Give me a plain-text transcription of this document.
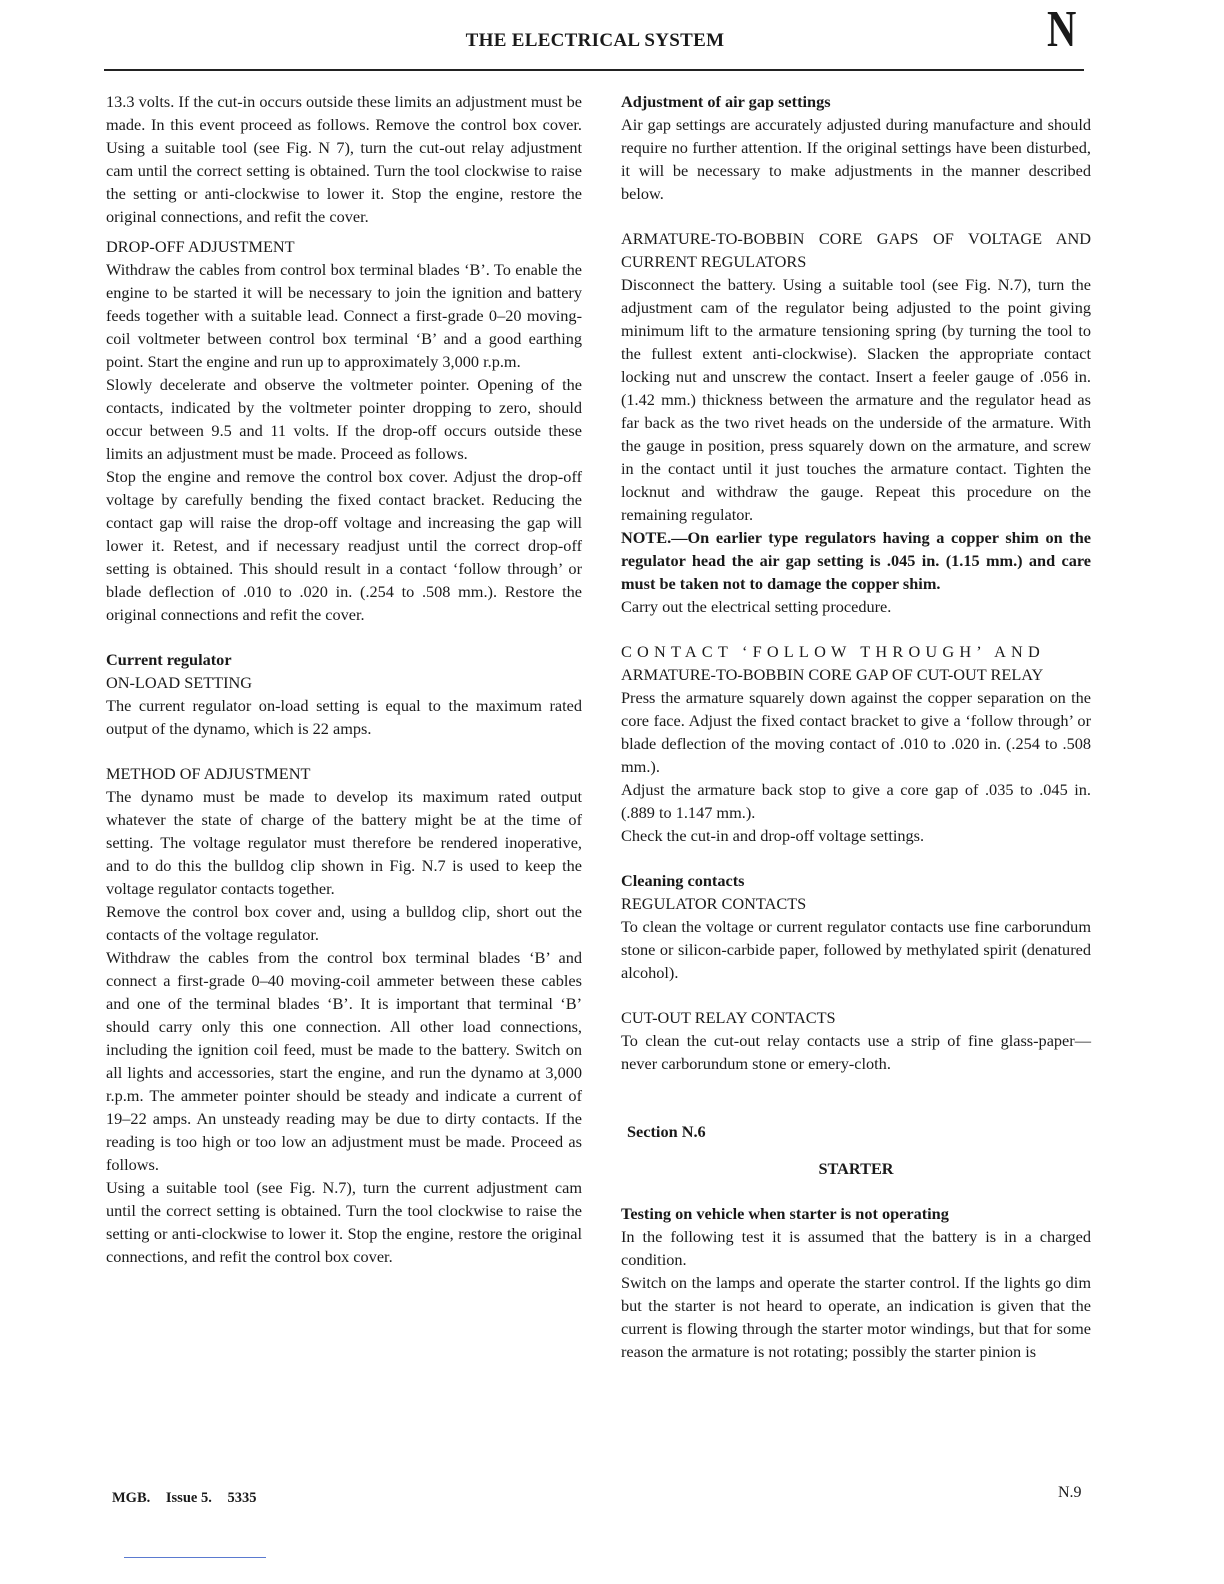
THE ELECTRICAL SYSTEM	N

13.3 volts. If the cut-in occurs outside these limits an adjustment must be made. In this event proceed as follows. Remove the control box cover. Using a suitable tool (see Fig. N 7), turn the cut-out relay adjustment cam until the correct setting is obtained. Turn the tool clockwise to raise the setting or anti-clockwise to lower it. Stop the engine, restore the original connections, and refit the cover.

DROP-OFF ADJUSTMENT

Withdraw the cables from control box terminal blades ‘B’. To enable the engine to be started it will be necessary to join the ignition and battery feeds together with a suitable lead. Connect a first-grade 0–20 moving-coil voltmeter between control box terminal ‘B’ and a good earthing point. Start the engine and run up to approximately 3,000 r.p.m.

Slowly decelerate and observe the voltmeter pointer. Opening of the contacts, indicated by the voltmeter pointer dropping to zero, should occur between 9.5 and 11 volts. If the drop-off occurs outside these limits an adjustment must be made. Proceed as follows.

Stop the engine and remove the control box cover. Adjust the drop-off voltage by carefully bending the fixed contact bracket. Reducing the contact gap will raise the drop-off voltage and increasing the gap will lower it. Retest, and if necessary readjust until the correct drop-off setting is obtained. This should result in a contact ‘follow through’ or blade deflection of .010 to .020 in. (.254 to .508 mm.). Restore the original connections and refit the cover.

Current regulator

ON-LOAD SETTING

The current regulator on-load setting is equal to the maximum rated output of the dynamo, which is 22 amps.

METHOD OF ADJUSTMENT

The dynamo must be made to develop its maximum rated output whatever the state of charge of the battery might be at the time of setting. The voltage regulator must therefore be rendered inoperative, and to do this the bulldog clip shown in Fig. N.7 is used to keep the voltage regulator contacts together.

Remove the control box cover and, using a bulldog clip, short out the contacts of the voltage regulator.

Withdraw the cables from the control box terminal blades ‘B’ and connect a first-grade 0–40 moving-coil ammeter between these cables and one of the terminal blades ‘B’. It is important that terminal ‘B’ should carry only this one connection. All other load connections, including the ignition coil feed, must be made to the battery. Switch on all lights and accessories, start the engine, and run the dynamo at 3,000 r.p.m. The ammeter pointer should be steady and indicate a current of 19–22 amps. An unsteady reading may be due to dirty contacts. If the reading is too high or too low an adjustment must be made. Proceed as follows.

Using a suitable tool (see Fig. N.7), turn the current adjustment cam until the correct setting is obtained. Turn the tool clockwise to raise the setting or anti-clockwise to lower it. Stop the engine, restore the original connections, and refit the control box cover.

Adjustment of air gap settings

Air gap settings are accurately adjusted during manufacture and should require no further attention. If the original settings have been disturbed, it will be necessary to make adjustments in the manner described below.

ARMATURE-TO-BOBBIN CORE GAPS OF VOLTAGE AND CURRENT REGULATORS

Disconnect the battery. Using a suitable tool (see Fig. N.7), turn the adjustment cam of the regulator being adjusted to the point giving minimum lift to the armature tensioning spring (by turning the tool to the fullest extent anti-clockwise). Slacken the appropriate contact locking nut and unscrew the contact. Insert a feeler gauge of .056 in. (1.42 mm.) thickness between the armature and the regulator head as far back as the two rivet heads on the underside of the armature. With the gauge in position, press squarely down on the armature, and screw in the contact until it just touches the armature contact. Tighten the locknut and withdraw the gauge. Repeat this procedure on the remaining regulator.

NOTE.—On earlier type regulators having a copper shim on the regulator head the air gap setting is .045 in. (1.15 mm.) and care must be taken not to damage the copper shim.

Carry out the electrical setting procedure.

CONTACT ‘FOLLOW THROUGH’ AND

ARMATURE-TO-BOBBIN CORE GAP OF CUT-OUT RELAY

Press the armature squarely down against the copper separation on the core face. Adjust the fixed contact bracket to give a ‘follow through’ or blade deflection of the moving contact of .010 to .020 in. (.254 to .508 mm.).

Adjust the armature back stop to give a core gap of .035 to .045 in. (.889 to 1.147 mm.).

Check the cut-in and drop-off voltage settings.

Cleaning contacts

REGULATOR CONTACTS

To clean the voltage or current regulator contacts use fine carborundum stone or silicon-carbide paper, followed by methylated spirit (denatured alcohol).

CUT-OUT RELAY CONTACTS

To clean the cut-out relay contacts use a strip of fine glass-paper—never carborundum stone or emery-cloth.

Section N.6

STARTER

Testing on vehicle when starter is not operating

In the following test it is assumed that the battery is in a charged condition.

Switch on the lamps and operate the starter control. If the lights go dim but the starter is not heard to operate, an indication is given that the current is flowing through the starter motor windings, but that for some reason the armature is not rotating; possibly the starter pinion is

MGB. Issue 5. 5335	N.9
